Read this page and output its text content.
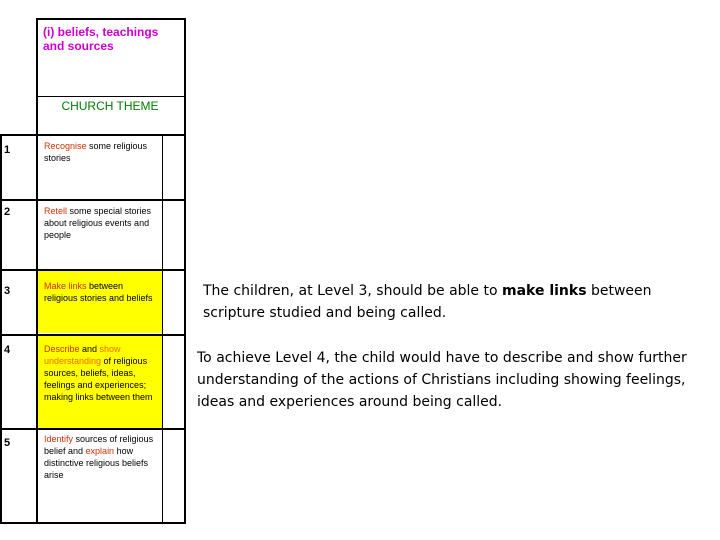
(i) beliefs, teachings and sources
CHURCH THEME
1	Recognise some religious stories
2	Retell some special stories about religious events and people
3	Make links between religious stories and beliefs
4	Describe and show understanding of religious sources, beliefs, ideas, feelings and experiences; making links between them
5	Identify sources of religious belief and explain how distinctive religious beliefs arise
The children, at Level 3, should be able to make links between scripture studied and being called.
To achieve Level 4, the child would have to describe and show further understanding of the actions of Christians including showing feelings, ideas and experiences around being called.
